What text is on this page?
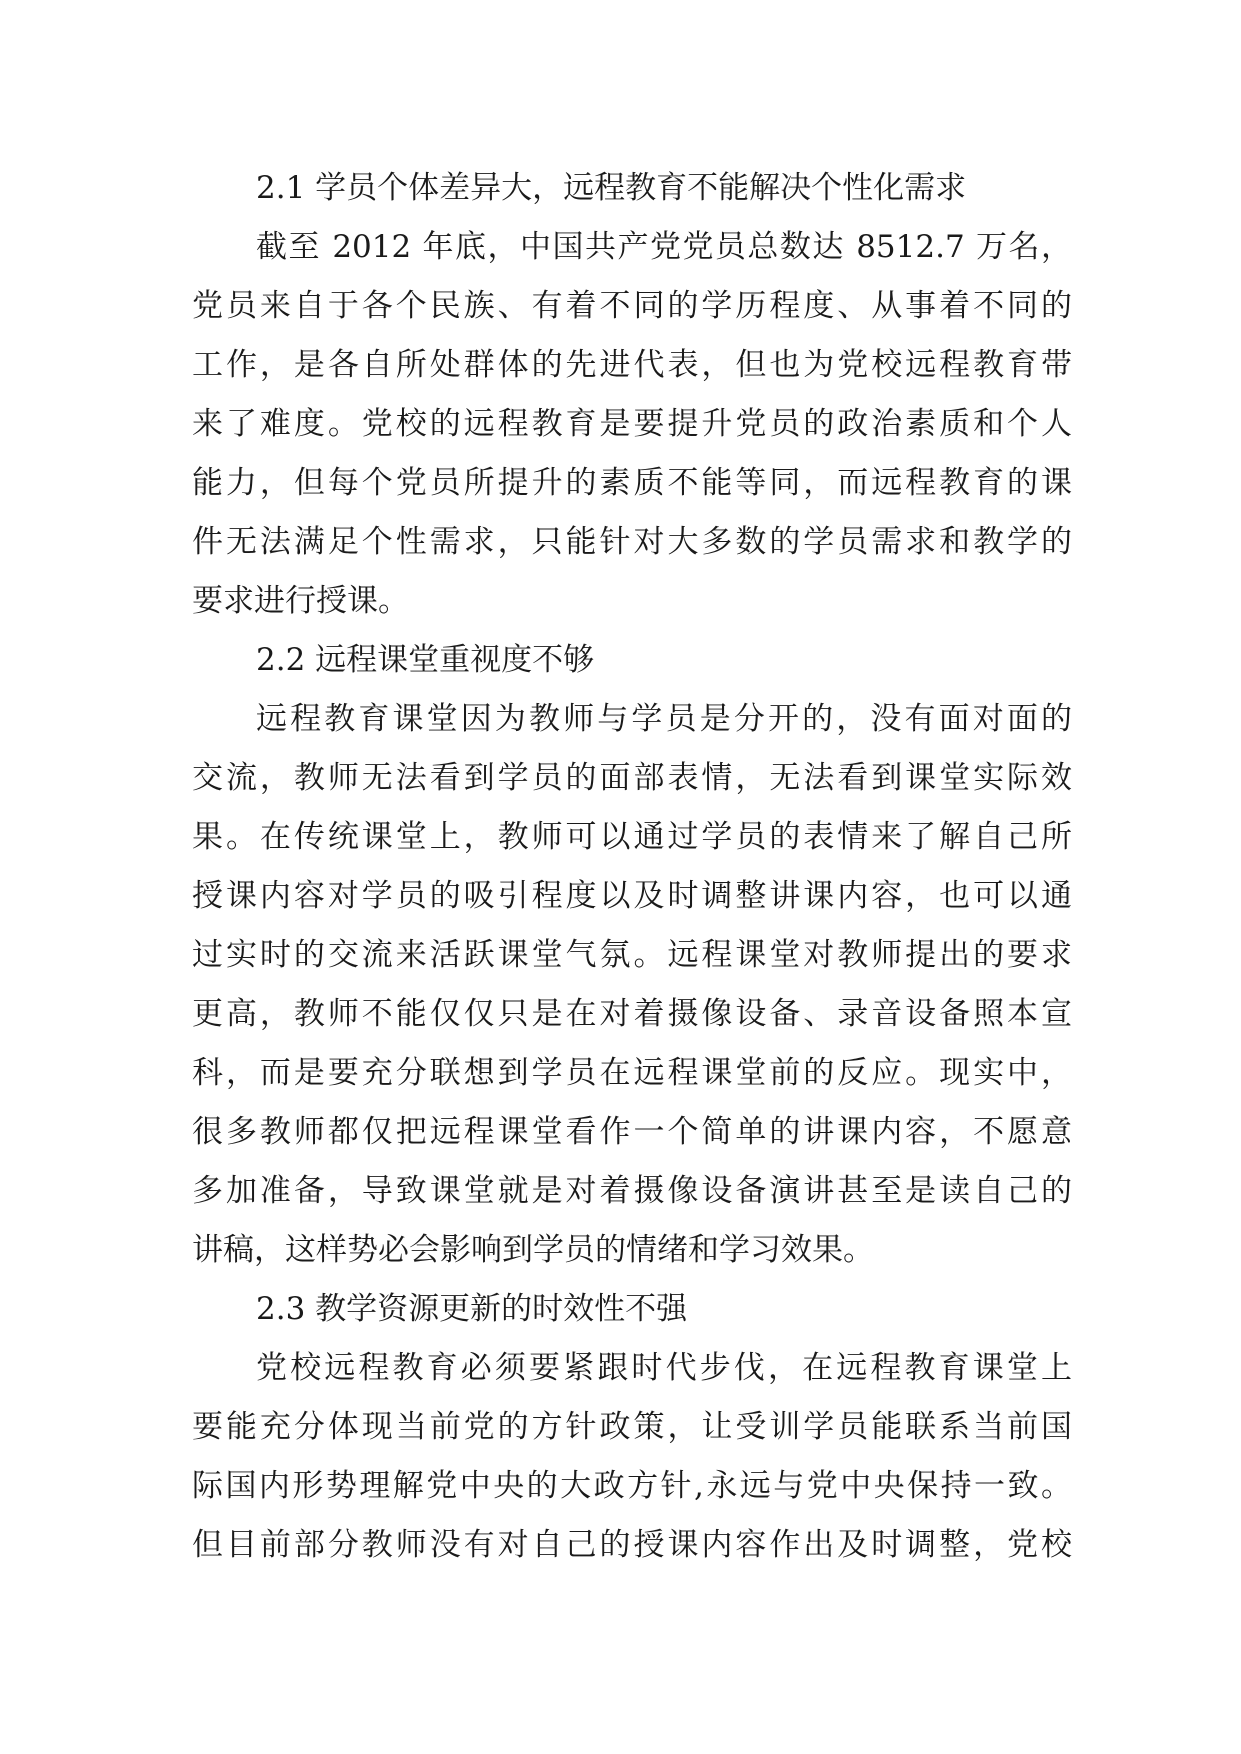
2.1 学员个体差异大，远程教育不能解决个性化需求

截至 2012 年底，中国共产党党员总数达 8512.7 万名，

党员来自于各个民族、有着不同的学历程度、从事着不同的

工作，是各自所处群体的先进代表，但也为党校远程教育带

来了难度。党校的远程教育是要提升党员的政治素质和个人

能力，但每个党员所提升的素质不能等同，而远程教育的课

件无法满足个性需求，只能针对大多数的学员需求和教学的

要求进行授课。

2.2 远程课堂重视度不够

远程教育课堂因为教师与学员是分开的，没有面对面的

交流，教师无法看到学员的面部表情，无法看到课堂实际效

果。在传统课堂上，教师可以通过学员的表情来了解自己所

授课内容对学员的吸引程度以及时调整讲课内容，也可以通

过实时的交流来活跃课堂气氛。远程课堂对教师提出的要求

更高，教师不能仅仅只是在对着摄像设备、录音设备照本宣

科，而是要充分联想到学员在远程课堂前的反应。现实中，

很多教师都仅把远程课堂看作一个简单的讲课内容，不愿意

多加准备，导致课堂就是对着摄像设备演讲甚至是读自己的

讲稿，这样势必会影响到学员的情绪和学习效果。

2.3 教学资源更新的时效性不强

党校远程教育必须要紧跟时代步伐，在远程教育课堂上

要能充分体现当前党的方针政策，让受训学员能联系当前国

际国内形势理解党中央的大政方针,永远与党中央保持一致。

但目前部分教师没有对自己的授课内容作出及时调整，党校
